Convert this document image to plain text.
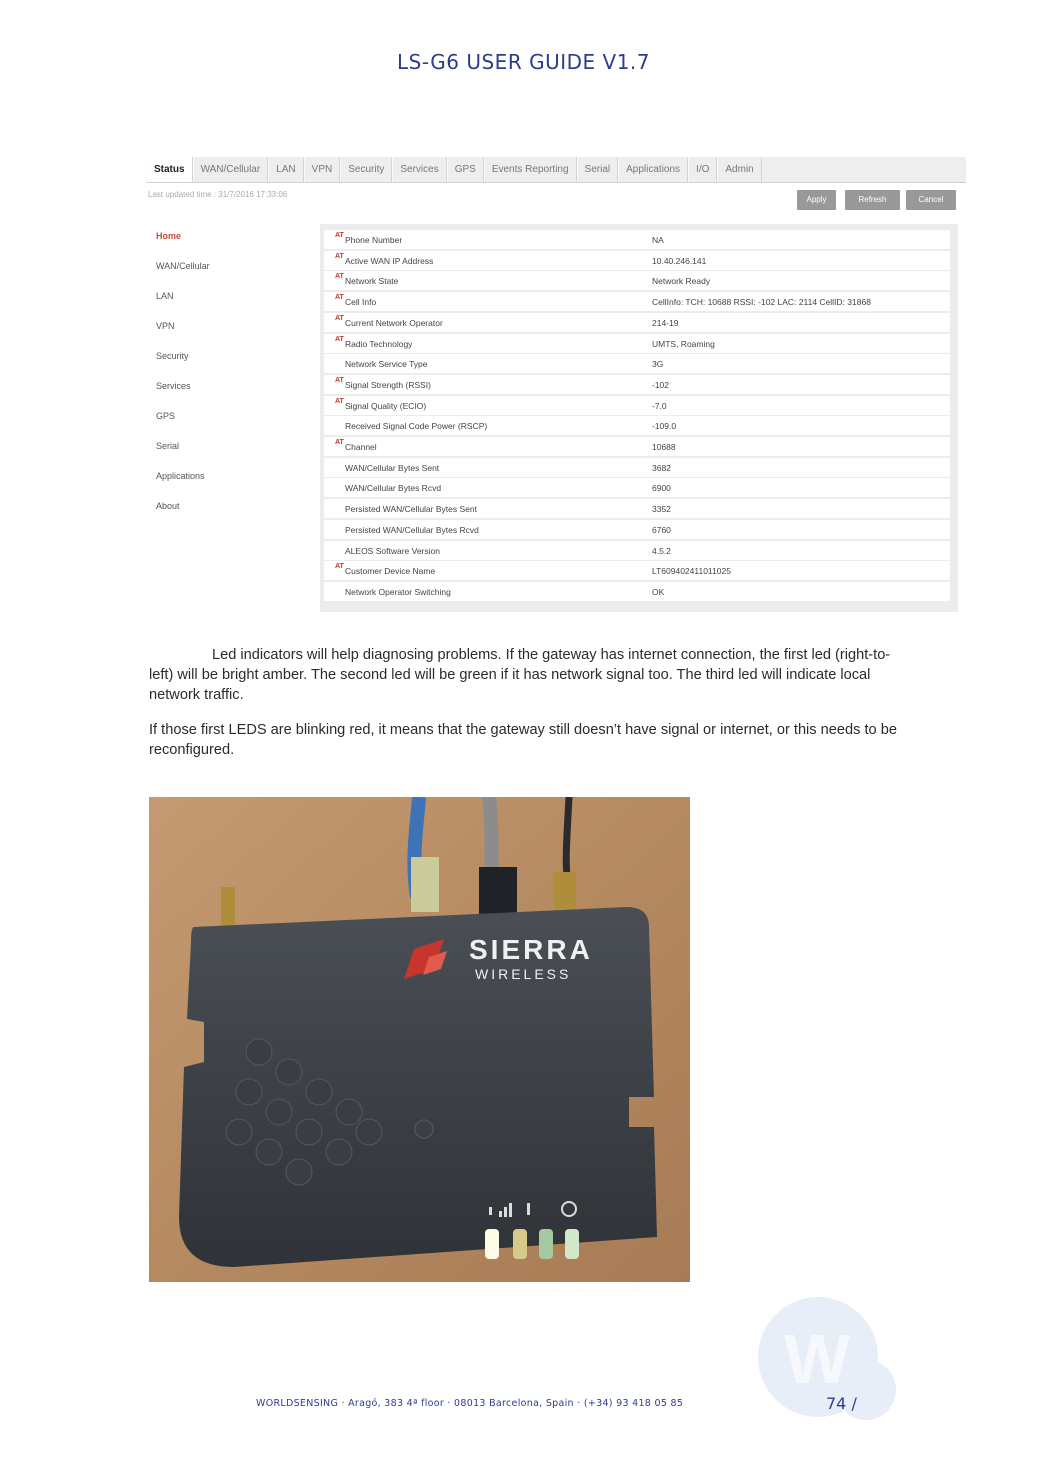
LS-G6 USER GUIDE V1.7
Status	WAN/Cellular	LAN	VPN	Security	Services	GPS	Events Reporting	Serial	Applications	I/O	Admin
Last updated time : 31/7/2016 17:33:06
Apply	Refresh	Cancel
Home
WAN/Cellular
LAN
VPN
Security
Services
GPS
Serial
Applications
About
AT Phone Number	NA
AT Active WAN IP Address	10.40.246.141
AT Network State	Network Ready
AT Cell Info	CellInfo: TCH: 10688 RSSI: -102 LAC: 2114 CellID: 31868
AT Current Network Operator	214-19
AT Radio Technology	UMTS, Roaming
Network Service Type	3G
AT Signal Strength (RSSI)	-102
AT Signal Quality (ECIO)	-7.0
Received Signal Code Power (RSCP)	-109.0
AT Channel	10688
WAN/Cellular Bytes Sent	3682
WAN/Cellular Bytes Rcvd	6900
Persisted WAN/Cellular Bytes Sent	3352
Persisted WAN/Cellular Bytes Rcvd	6760
ALEOS Software Version	4.5.2
AT Customer Device Name	LT609402411011025
Network Operator Switching	OK
Led indicators will help diagnosing problems. If the gateway has internet connection, the first led (right-to-left) will be bright amber. The second led will be green if it has network signal too. The third led will indicate local network traffic.
If those first LEDS are blinking red, it means that the gateway still doesn’t have signal or internet, or this needs to be reconfigured.
SIERRA
WIRELESS
W
WORLDSENSING · Aragó, 383 4ª floor · 08013 Barcelona, Spain · (+34) 93 418 05 85	74 /
